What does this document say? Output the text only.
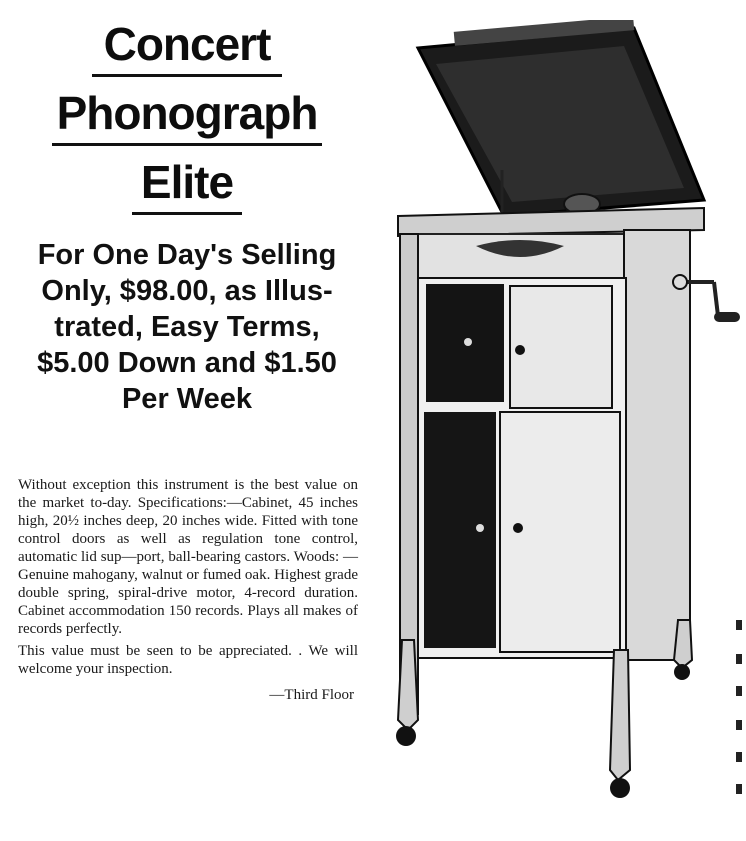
Concert
Phonograph
Elite
For One Day's Selling
Only, $98.00, as Illus-
trated, Easy Terms,
$5.00 Down and $1.50
Per Week

Without exception this instrument is the best value on the market to-day. Specifications:—Cabinet, 45 inches high, 20½ inches deep, 20 inches wide. Fitted with tone control doors as well as regulation tone control, automatic lid sup—port, ball-bearing castors. Woods: —Genuine mahogany, walnut or fumed oak. Highest grade double spring, spiral-drive motor, 4-record duration. Cabinet accommodation 150 records. Plays all makes of records perfectly.

This value must be seen to be appreciated. . We will welcome your inspection.

—Third Floor
